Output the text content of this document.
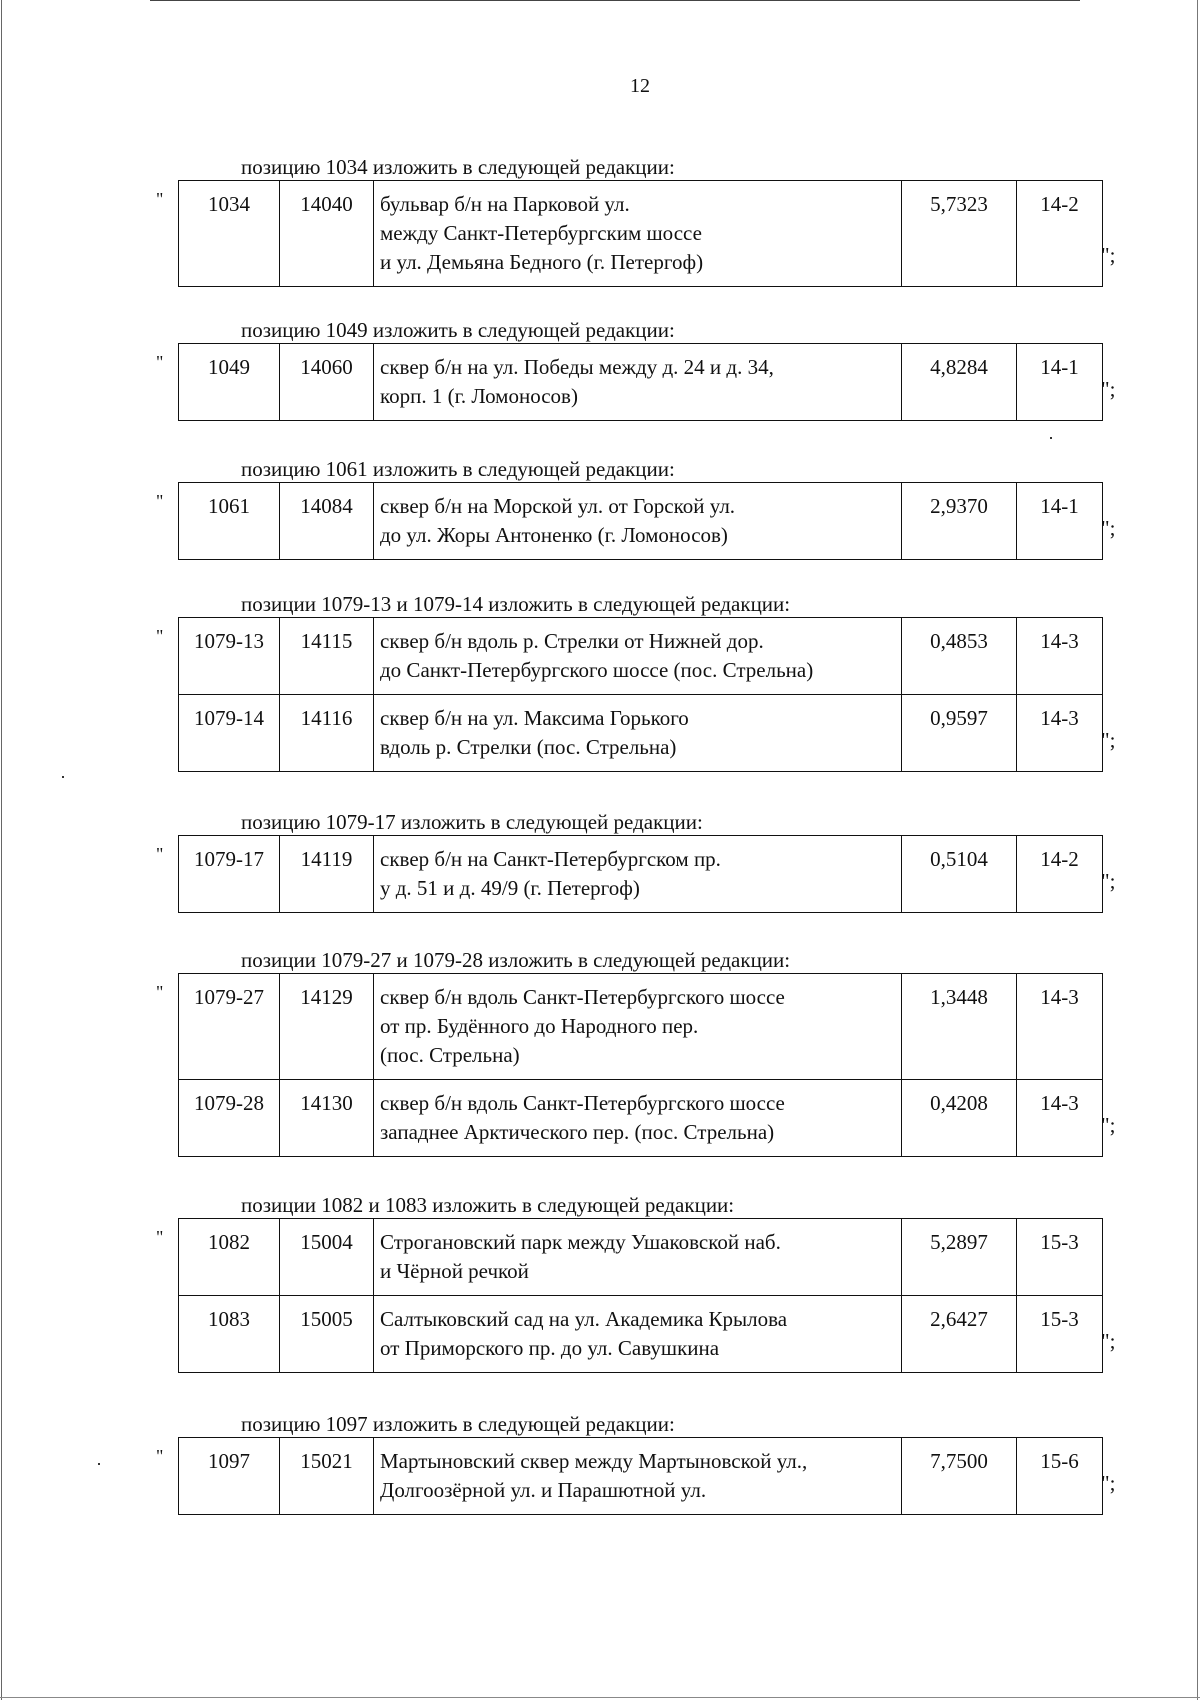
12
позицию 1034 изложить в следующей редакции:
" 1034	14040	бульвар б/н на Парковой ул.
между Санкт-Петербургским шоссе
и ул. Демьяна Бедного (г. Петергоф)
	5,7323	14-2
";
позицию 1049 изложить в следующей редакции:
" 1049	14060	сквер б/н на ул. Победы между д. 24 и д. 34,
корп. 1 (г. Ломоносов)
	4,8284	14-1
";
позицию 1061 изложить в следующей редакции:
" 1061	14084	сквер б/н на Морской ул. от Горской ул.
до ул. Жоры Антоненко (г. Ломоносов)
	2,9370	14-1
";
позиции 1079-13 и 1079-14 изложить в следующей редакции:
" 1079-13	14115	сквер б/н вдоль р. Стрелки от Нижней дор.
до Санкт-Петербургского шоссе (пос. Стрельна)	0,4853	14-3
1079-14	14116	сквер б/н на ул. Максима Горького
вдоль р. Стрелки (пос. Стрельна)	0,9597	14-3
";
позицию 1079-17 изложить в следующей редакции:
" 1079-17	14119	сквер б/н на Санкт-Петербургском пр.
у д. 51 и д. 49/9 (г. Петергоф)
	0,5104	14-2
";
позиции 1079-27 и 1079-28 изложить в следующей редакции:
" 1079-27	14129	сквер б/н вдоль Санкт-Петербургского шоссе
от пр. Будённого до Народного пер.
(пос. Стрельна)	1,3448	14-3
1079-28	14130	сквер б/н вдоль Санкт-Петербургского шоссе
западнее Арктического пер. (пос. Стрельна)	0,4208	14-3
";
позиции 1082 и 1083 изложить в следующей редакции:
" 1082	15004	Строгановский парк между Ушаковской наб.
и Чёрной речкой	5,2897	15-3
1083	15005	Салтыковский сад на ул. Академика Крылова
от Приморского пр. до ул. Савушкина	2,6427	15-3
";
позицию 1097 изложить в следующей редакции:
" 1097	15021	Мартыновский сквер между Мартыновской ул.,
Долгоозёрной ул. и Парашютной ул.
	7,7500	15-6
";
